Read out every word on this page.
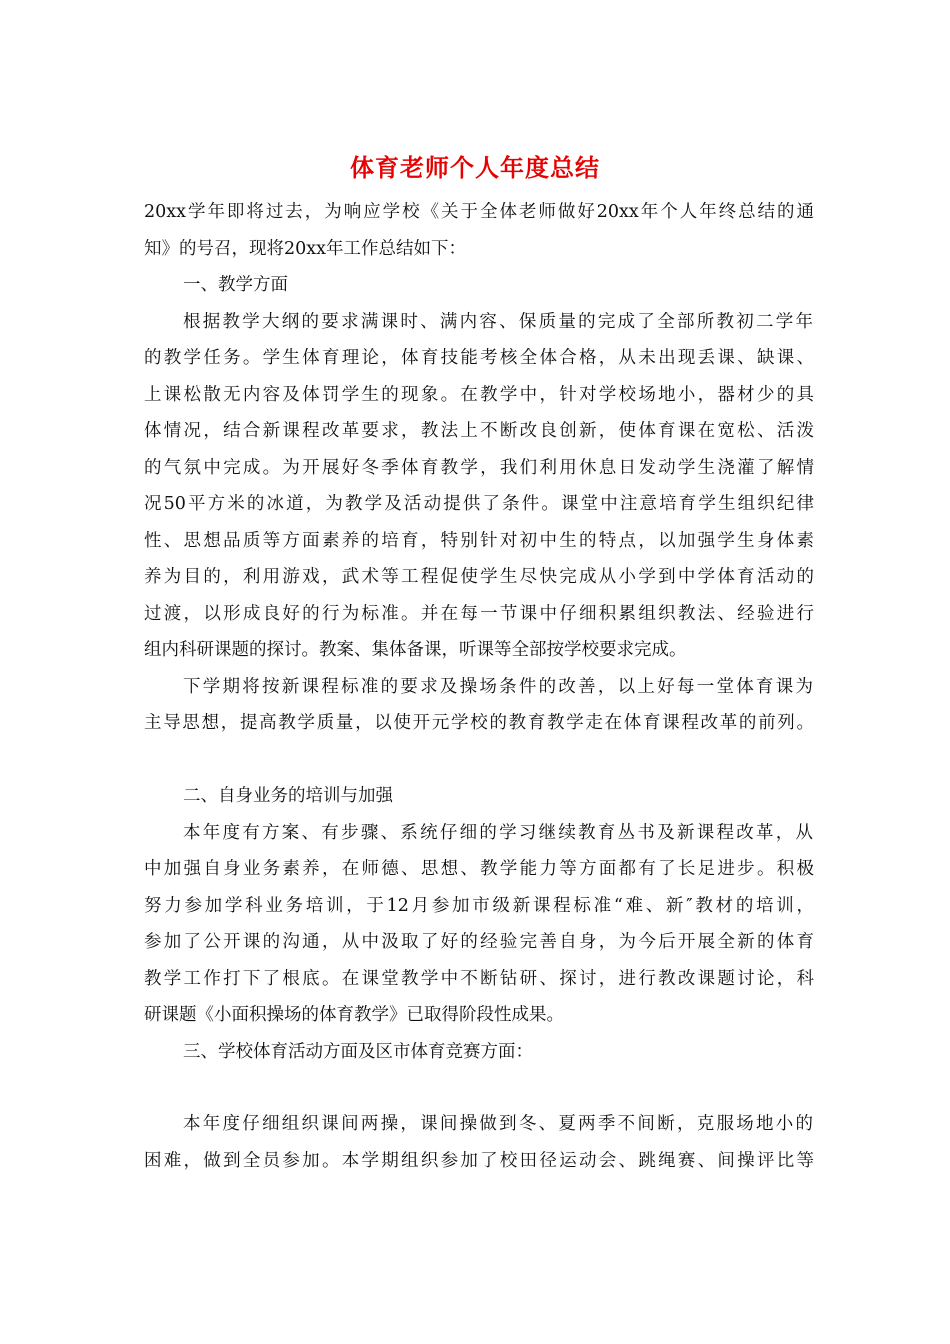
体育老师个人年度总结
20xx学年即将过去，为响应学校《关于全体老师做好20xx年个人年终总结的通
知》的号召，现将20xx年工作总结如下：
一、教学方面
根据教学大纲的要求满课时、满内容、保质量的完成了全部所教初二学年
的教学任务。学生体育理论，体育技能考核全体合格，从未出现丢课、缺课、
上课松散无内容及体罚学生的现象。在教学中，针对学校场地小，器材少的具
体情况，结合新课程改革要求，教法上不断改良创新，使体育课在宽松、活泼
的气氛中完成。为开展好冬季体育教学，我们利用休息日发动学生浇灌了解情
况50平方米的冰道，为教学及活动提供了条件。课堂中注意培育学生组织纪律
性、思想品质等方面素养的培育，特别针对初中生的特点，以加强学生身体素
养为目的，利用游戏，武术等工程促使学生尽快完成从小学到中学体育活动的
过渡，以形成良好的行为标准。并在每一节课中仔细积累组织教法、经验进行
组内科研课题的探讨。教案、集体备课，听课等全部按学校要求完成。
下学期将按新课程标准的要求及操场条件的改善，以上好每一堂体育课为
主导思想，提高教学质量，以使开元学校的教育教学走在体育课程改革的前列。
二、自身业务的培训与加强
本年度有方案、有步骤、系统仔细的学习继续教育丛书及新课程改革，从
中加强自身业务素养，在师德、思想、教学能力等方面都有了长足进步。积极
努力参加学科业务培训，于12月参加市级新课程标准“难、新″教材的培训，
参加了公开课的沟通，从中汲取了好的经验完善自身，为今后开展全新的体育
教学工作打下了根底。在课堂教学中不断钻研、探讨，进行教改课题讨论，科
研课题《小面积操场的体育教学》已取得阶段性成果。
三、学校体育活动方面及区市体育竞赛方面：
本年度仔细组织课间两操，课间操做到冬、夏两季不间断，克服场地小的
困难，做到全员参加。本学期组织参加了校田径运动会、跳绳赛、间操评比等
